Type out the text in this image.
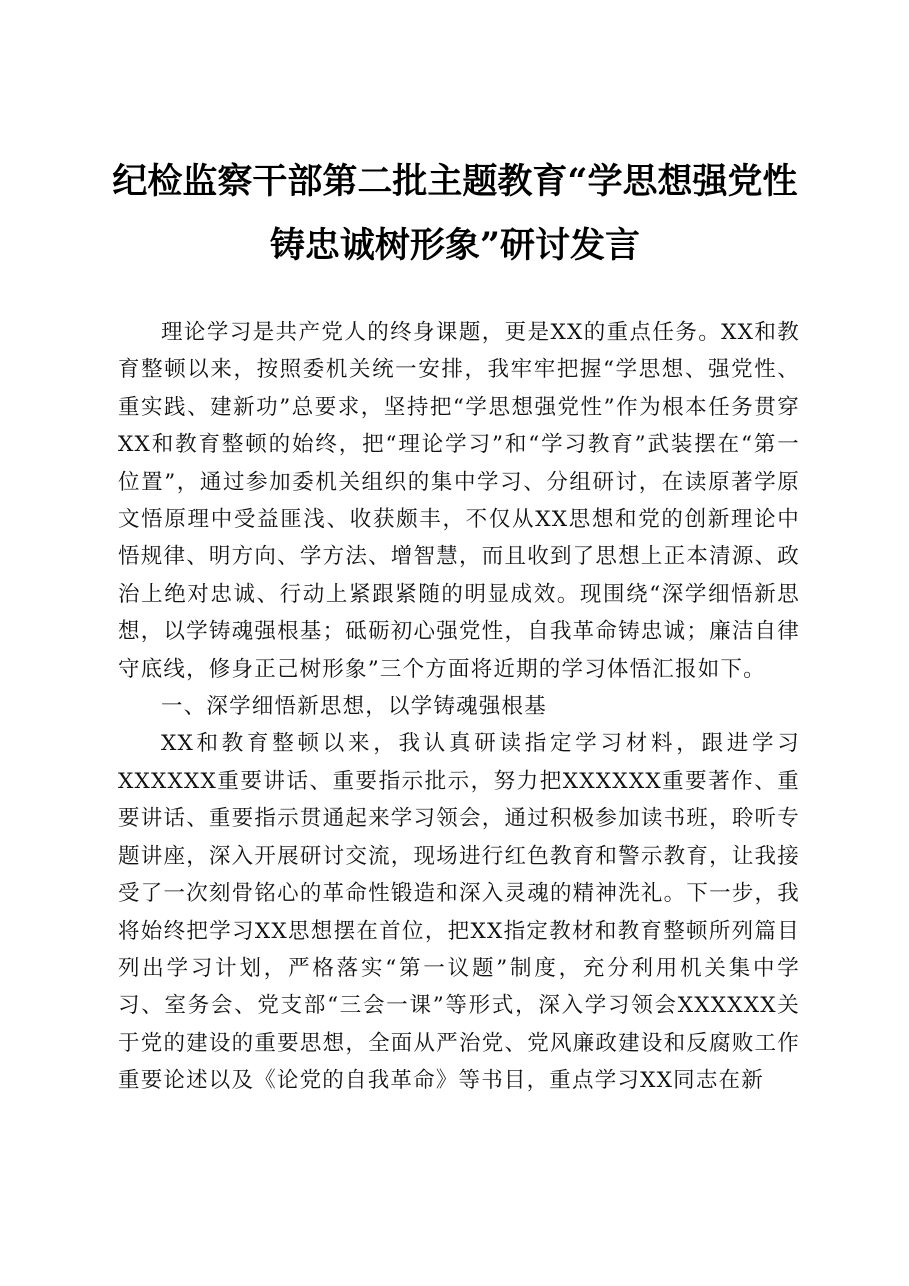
纪检监察干部第二批主题教育“学思想强党性
铸忠诚树形象”研讨发言

理论学习是共产党人的终身课题，更是XX的重点任务。XX和教育整顿以来，按照委机关统一安排，我牢牢把握“学思想、强党性、重实践、建新功”总要求，坚持把“学思想强党性”作为根本任务贯穿XX和教育整顿的始终，把“理论学习”和“学习教育”武装摆在“第一位置”，通过参加委机关组织的集中学习、分组研讨，在读原著学原文悟原理中受益匪浅、收获颇丰，不仅从XX思想和党的创新理论中悟规律、明方向、学方法、增智慧，而且收到了思想上正本清源、政治上绝对忠诚、行动上紧跟紧随的明显成效。现围绕“深学细悟新思想，以学铸魂强根基；砥砺初心强党性，自我革命铸忠诚；廉洁自律守底线，修身正己树形象”三个方面将近期的学习体悟汇报如下。

一、深学细悟新思想，以学铸魂强根基

XX和教育整顿以来，我认真研读指定学习材料，跟进学习XXXXXX重要讲话、重要指示批示，努力把XXXXXX重要著作、重要讲话、重要指示贯通起来学习领会，通过积极参加读书班，聆听专题讲座，深入开展研讨交流，现场进行红色教育和警示教育，让我接受了一次刻骨铭心的革命性锻造和深入灵魂的精神洗礼。下一步，我将始终把学习XX思想摆在首位，把XX指定教材和教育整顿所列篇目列出学习计划，严格落实“第一议题”制度，充分利用机关集中学习、室务会、党支部“三会一课”等形式，深入学习领会XXXXXX关于党的建设的重要思想，全面从严治党、党风廉政建设和反腐败工作重要论述以及《论党的自我革命》等书目，重点学习XX同志在新
